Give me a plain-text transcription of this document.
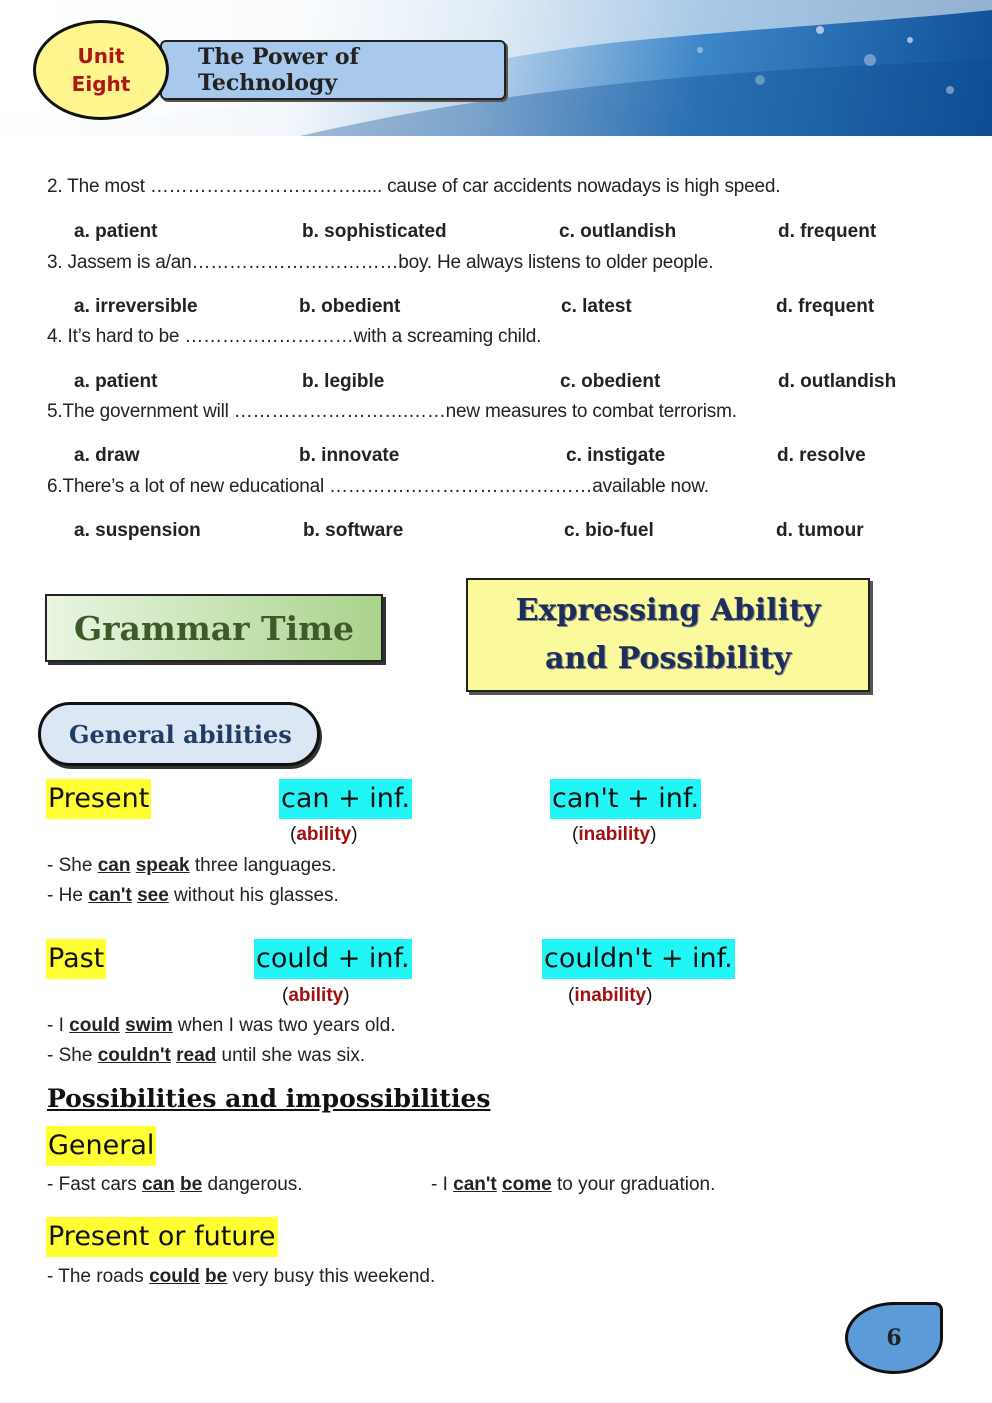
Unit
Eight
The Power of Technology
2. The most ……………………………..... cause of car accidents nowadays is high speed.
a. patient	b. sophisticated	c. outlandish	d. frequent
3. Jassem is a/an……………………………boy. He always listens to older people.
a. irreversible	b. obedient	c. latest	d. frequent
4. It’s hard to be ………………………with a screaming child.
a. patient	b. legible	c. obedient	d. outlandish
5.The government will ……………………….……new measures to combat terrorism.
a. draw	b. innovate	c. instigate	d. resolve
6.There’s a lot of new educational ……………………………………available now.
a. suspension	b. software	c. bio-fuel	d. tumour
Grammar Time	Expressing Ability
and Possibility
General abilities
Present	can + inf.	can't + inf.
(ability)	(inability)
- She can speak three languages.
- He can't see without his glasses.
Past	could + inf.	couldn't + inf.
(ability)	(inability)
- I could swim when I was two years old.
- She couldn't read until she was six.
Possibilities and impossibilities
General
- Fast cars can be dangerous.	- I can't come to your graduation.
Present or future
- The roads could be very busy this weekend.
6
